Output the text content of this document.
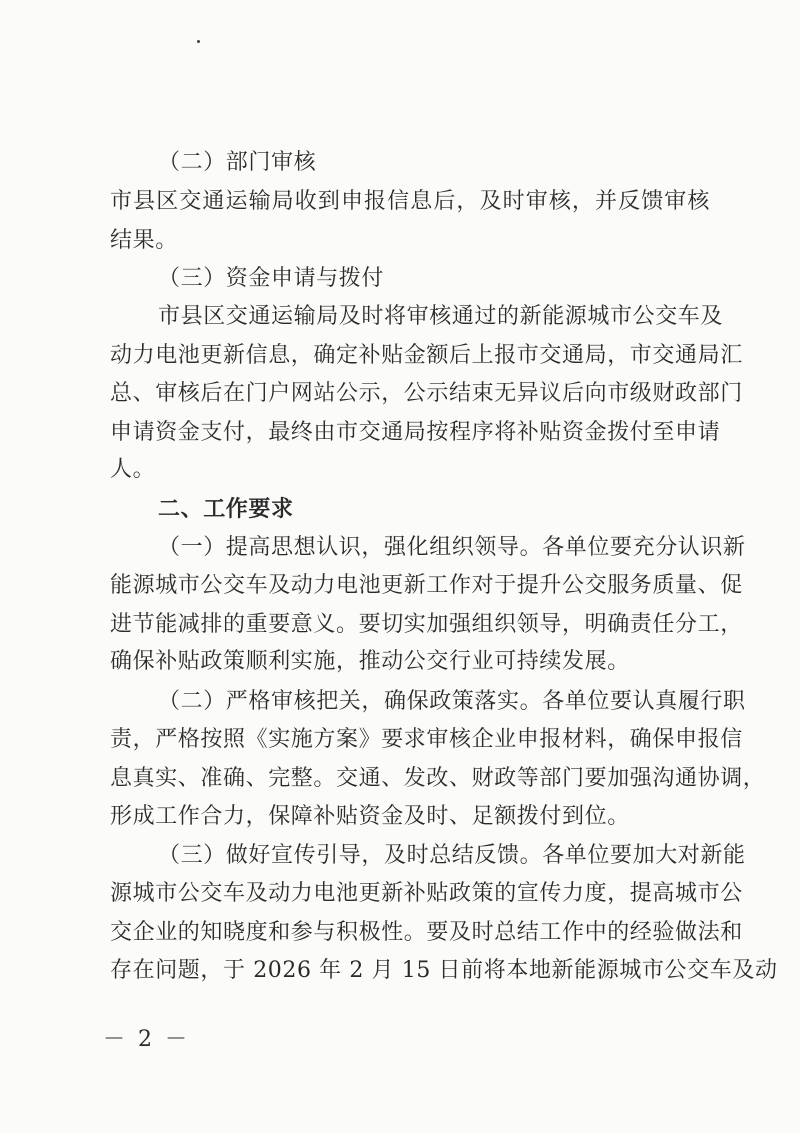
（二）部门审核
市县区交通运输局收到申报信息后，及时审核，并反馈审核
结果。
（三）资金申请与拨付
市县区交通运输局及时将审核通过的新能源城市公交车及
动力电池更新信息，确定补贴金额后上报市交通局，市交通局汇
总、审核后在门户网站公示，公示结束无异议后向市级财政部门
申请资金支付，最终由市交通局按程序将补贴资金拨付至申请
人。
二、工作要求
（一）提高思想认识，强化组织领导。各单位要充分认识新
能源城市公交车及动力电池更新工作对于提升公交服务质量、促
进节能减排的重要意义。要切实加强组织领导，明确责任分工，
确保补贴政策顺利实施，推动公交行业可持续发展。
（二）严格审核把关，确保政策落实。各单位要认真履行职
责，严格按照《实施方案》要求审核企业申报材料，确保申报信
息真实、准确、完整。交通、发改、财政等部门要加强沟通协调，
形成工作合力，保障补贴资金及时、足额拨付到位。
（三）做好宣传引导，及时总结反馈。各单位要加大对新能
源城市公交车及动力电池更新补贴政策的宣传力度，提高城市公
交企业的知晓度和参与积极性。要及时总结工作中的经验做法和
存在问题，于 2026 年 2 月 15 日前将本地新能源城市公交车及动
－ 2 －
